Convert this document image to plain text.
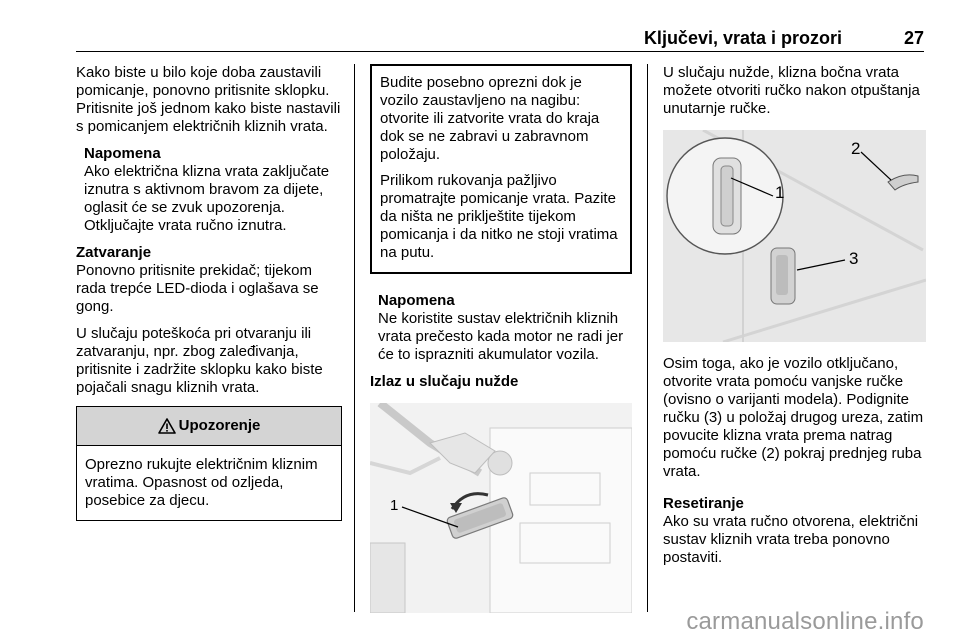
Ključevi, vrata i prozori	27

Kako biste u bilo koje doba zaustavili pomicanje, ponovno pritisnite sklopku. Pritisnite još jednom kako biste nastavili s pomicanjem električnih kliznih vrata.

Napomena
Ako električna klizna vrata zaključate iznutra s aktivnom bravom za dijete, oglasit će se zvuk upozorenja. Otključajte vrata ručno iznutra.
Zatvaranje

Ponovno pritisnite prekidač; tijekom rada trepće LED-dioda i oglašava se gong.

U slučaju poteškoća pri otvaranju ili zatvaranju, npr. zbog zaleđivanja, pritisnite i zadržite sklopku kako biste pojačali snagu kliznih vrata.

Upozorenje

Oprezno rukujte električnim kliznim vratima. Opasnost od ozljeda, posebice za djecu.

Budite posebno oprezni dok je vozilo zaustavljeno na nagibu: otvorite ili zatvorite vrata do kraja dok se ne zabravi u zabravnom položaju.

Prilikom rukovanja pažljivo promatrajte pomicanje vrata. Pazite da ništa ne priklještite tijekom pomicanja i da nitko ne stoji vratima na putu.

Napomena
Ne koristite sustav električnih kliznih vrata prečesto kada motor ne radi jer će to isprazniti akumulator vozila.
Izlaz u slučaju nužde
1

U slučaju nužde, klizna bočna vrata možete otvoriti ručko nakon otpuštanja unutarnje ručke.

1
2
3

Osim toga, ako je vozilo otključano, otvorite vrata pomoću vanjske ručke (ovisno o varijanti modela). Podignite ručku (3) u položaj drugog ureza, zatim povucite klizna vrata prema natrag pomoću ručke (2) pokraj prednjeg ruba vrata.

Resetiranje

Ako su vrata ručno otvorena, električni sustav kliznih vrata treba ponovno postaviti.

carmanualsonline.info
